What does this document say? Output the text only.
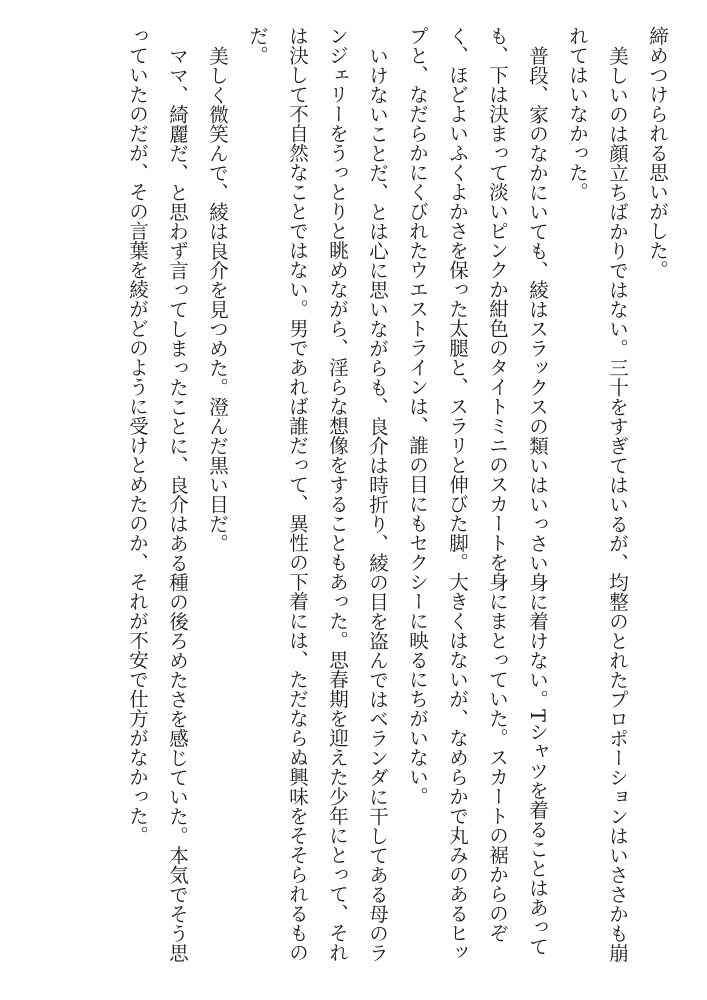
締めつけられる思いがした。

美しいのは顔立ちばかりではない。三十をすぎてはいるが、均整のとれたプロポーションはいささかも崩れてはいなかった。

普段、家のなかにいても、綾はスラックスの類いはいっさい身に着けない。Tシャツを着ることはあっても、下は決まって淡いピンクか紺色のタイトミニのスカートを身にまとっていた。スカートの裾からのぞく、ほどよいふくよかさを保った太腿と、スラリと伸びた脚。大きくはないが、なめらかで丸みのあるヒップと、なだらかにくびれたウエストラインは、誰の目にもセクシーに映るにちがいない。

いけないことだ、とは心に思いながらも、良介は時折り、綾の目を盗んではベランダに干してある母のランジェリーをうっとりと眺めながら、淫らな想像をすることもあった。思春期を迎えた少年にとって、それは決して不自然なことではない。男であれば誰だって、異性の下着には、ただならぬ興味をそそられるものだ。

美しく微笑んで、綾は良介を見つめた。澄んだ黒い目だ。

ママ、綺麗だ、と思わず言ってしまったことに、良介はある種の後ろめたさを感じていた。本気でそう思っていたのだが、その言葉を綾がどのように受けとめたのか、それが不安で仕方がなかった。
